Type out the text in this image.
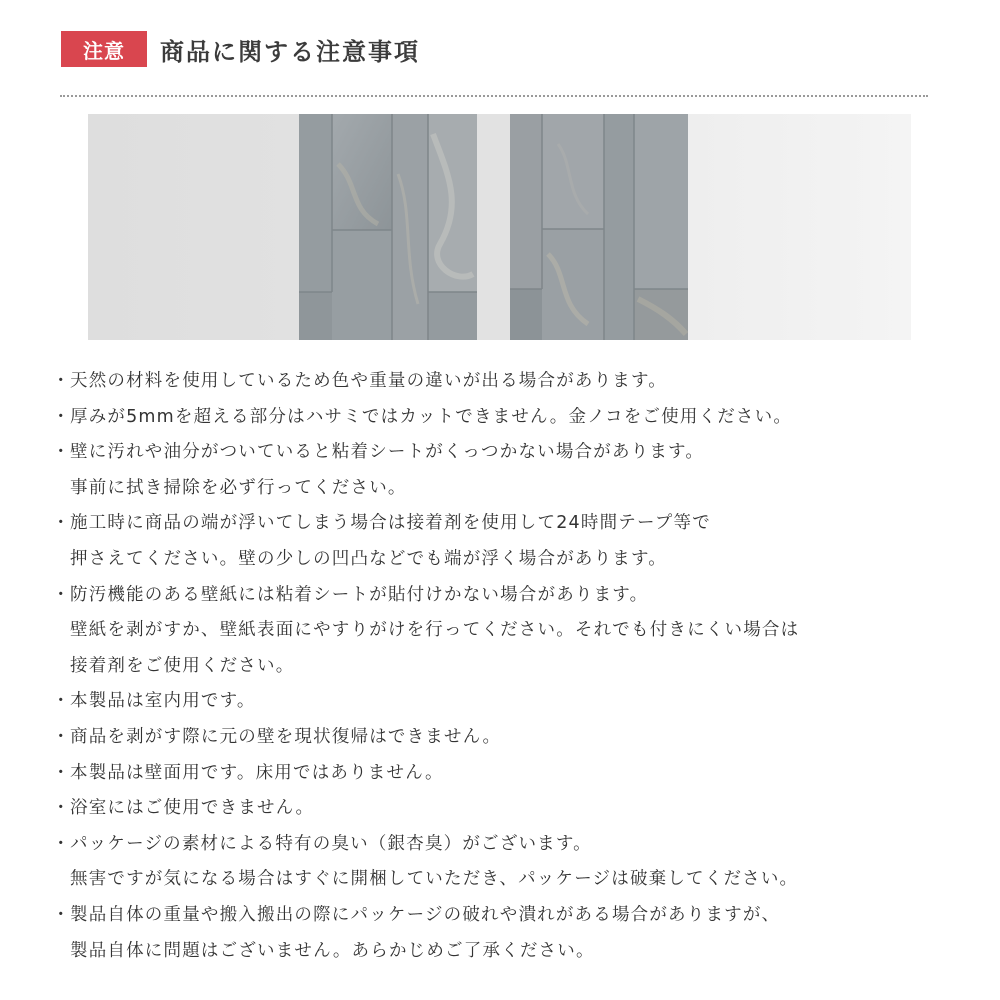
注意 商品に関する注意事項
・ 天然の材料を使用しているため色や重量の違いが出る場合があります。
・ 厚みが5mmを超える部分はハサミではカットできません。金ノコをご使用ください。
・ 壁に汚れや油分がついていると粘着シートがくっつかない場合があります。
事前に拭き掃除を必ず行ってください。
・ 施工時に商品の端が浮いてしまう場合は接着剤を使用して24時間テープ等で
押さえてください。壁の少しの凹凸などでも端が浮く場合があります。
・ 防汚機能のある壁紙には粘着シートが貼付けかない場合があります。
壁紙を剥がすか、壁紙表面にやすりがけを行ってください。それでも付きにくい場合は
接着剤をご使用ください。
・ 本製品は室内用です。
・ 商品を剥がす際に元の壁を現状復帰はできません。
・ 本製品は壁面用です。床用ではありません。
・ 浴室にはご使用できません。
・ パッケージの素材による特有の臭い（銀杏臭）がございます。
無害ですが気になる場合はすぐに開梱していただき、パッケージは破棄してください。
・ 製品自体の重量や搬入搬出の際にパッケージの破れや潰れがある場合がありますが、
製品自体に問題はございません。あらかじめご了承ください。
